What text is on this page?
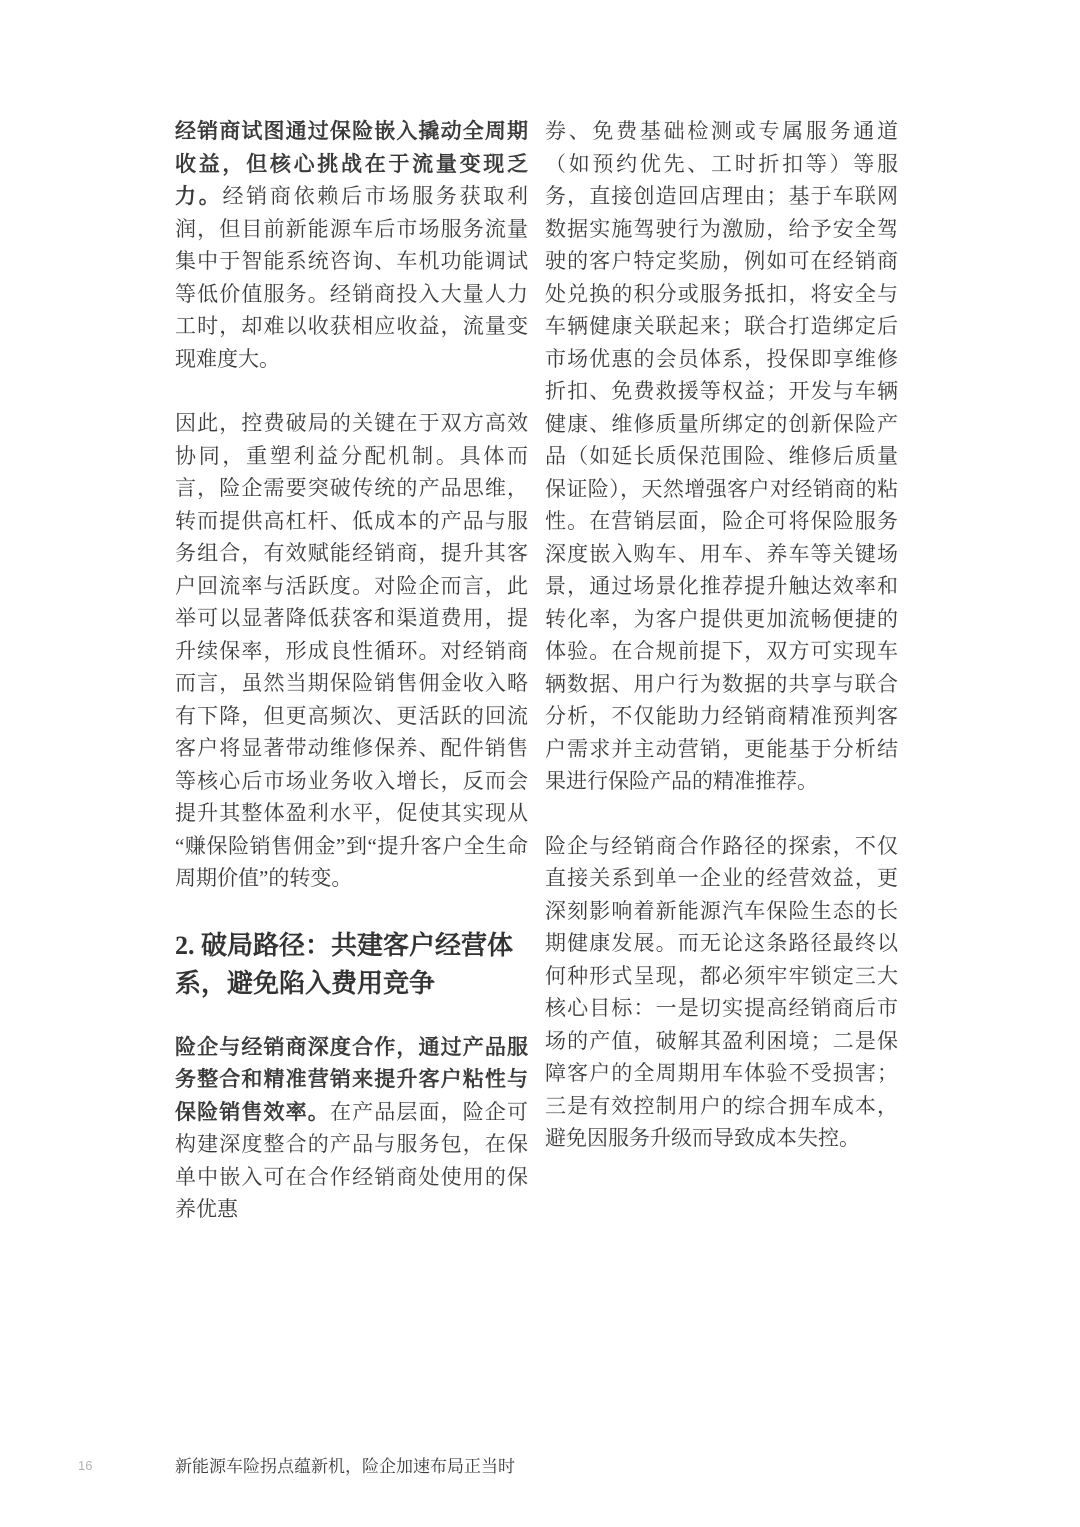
经销商试图通过保险嵌入撬动全周期收益，但核心挑战在于流量变现乏力。经销商依赖后市场服务获取利润，但目前新能源车后市场服务流量集中于智能系统咨询、车机功能调试等低价值服务。经销商投入大量人力工时，却难以收获相应收益，流量变现难度大。

因此，控费破局的关键在于双方高效协同，重塑利益分配机制。具体而言，险企需要突破传统的产品思维，转而提供高杠杆、低成本的产品与服务组合，有效赋能经销商，提升其客户回流率与活跃度。对险企而言，此举可以显著降低获客和渠道费用，提升续保率，形成良性循环。对经销商而言，虽然当期保险销售佣金收入略有下降，但更高频次、更活跃的回流客户将显著带动维修保养、配件销售等核心后市场业务收入增长，反而会提升其整体盈利水平，促使其实现从“赚保险销售佣金”到“提升客户全生命周期价值”的转变。

2. 破局路径：共建客户经营体系，避免陷入费用竞争

险企与经销商深度合作，通过产品服务整合和精准营销来提升客户粘性与保险销售效率。在产品层面，险企可构建深度整合的产品与服务包，在保单中嵌入可在合作经销商处使用的保养优惠

券、免费基础检测或专属服务通道（如预约优先、工时折扣等）等服务，直接创造回店理由；基于车联网数据实施驾驶行为激励，给予安全驾驶的客户特定奖励，例如可在经销商处兑换的积分或服务抵扣，将安全与车辆健康关联起来；联合打造绑定后市场优惠的会员体系，投保即享维修折扣、免费救援等权益；开发与车辆健康、维修质量所绑定的创新保险产品（如延长质保范围险、维修后质量保证险），天然增强客户对经销商的粘性。在营销层面，险企可将保险服务深度嵌入购车、用车、养车等关键场景，通过场景化推荐提升触达效率和转化率，为客户提供更加流畅便捷的体验。在合规前提下，双方可实现车辆数据、用户行为数据的共享与联合分析，不仅能助力经销商精准预判客户需求并主动营销，更能基于分析结果进行保险产品的精准推荐。

险企与经销商合作路径的探索，不仅直接关系到单一企业的经营效益，更深刻影响着新能源汽车保险生态的长期健康发展。而无论这条路径最终以何种形式呈现，都必须牢牢锁定三大核心目标：一是切实提高经销商后市场的产值，破解其盈利困境；二是保障客户的全周期用车体验不受损害；三是有效控制用户的综合拥车成本，避免因服务升级而导致成本失控。

16	新能源车险拐点蕴新机，险企加速布局正当时
